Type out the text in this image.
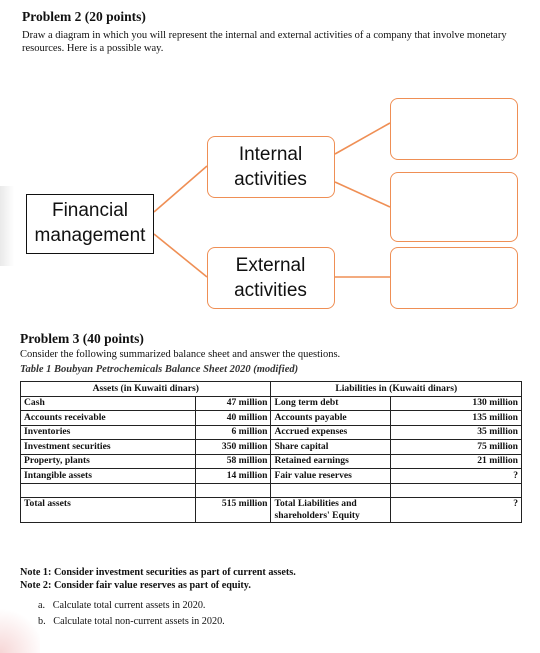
Problem 2 (20 points)
Draw a diagram in which you will represent the internal and external activities of a company that involve monetary resources. Here is a possible way.
Internal activities
External activities
Financial management
Problem 3 (40 points)
Consider the following summarized balance sheet and answer the questions.
Table 1 Boubyan Petrochemicals Balance Sheet 2020 (modified)
Assets (in Kuwaiti dinars)		Liabilities in (Kuwaiti dinars)	
Cash	47 million	Long term debt	130 million
Accounts receivable	40 million	Accounts payable	135 million
Inventories	6 million	Accrued expenses	35 million
Investment securities	350 million	Share capital	75 million
Property, plants	58 million	Retained earnings	21 million
Intangible assets	14 million	Fair value reserves	?

Total assets	515 million	Total Liabilities and shareholders' Equity	?
Note 1: Consider investment securities as part of current assets.
Note 2: Consider fair value reserves as part of equity.
a.   Calculate total current assets in 2020.
b.   Calculate total non-current assets in 2020.
